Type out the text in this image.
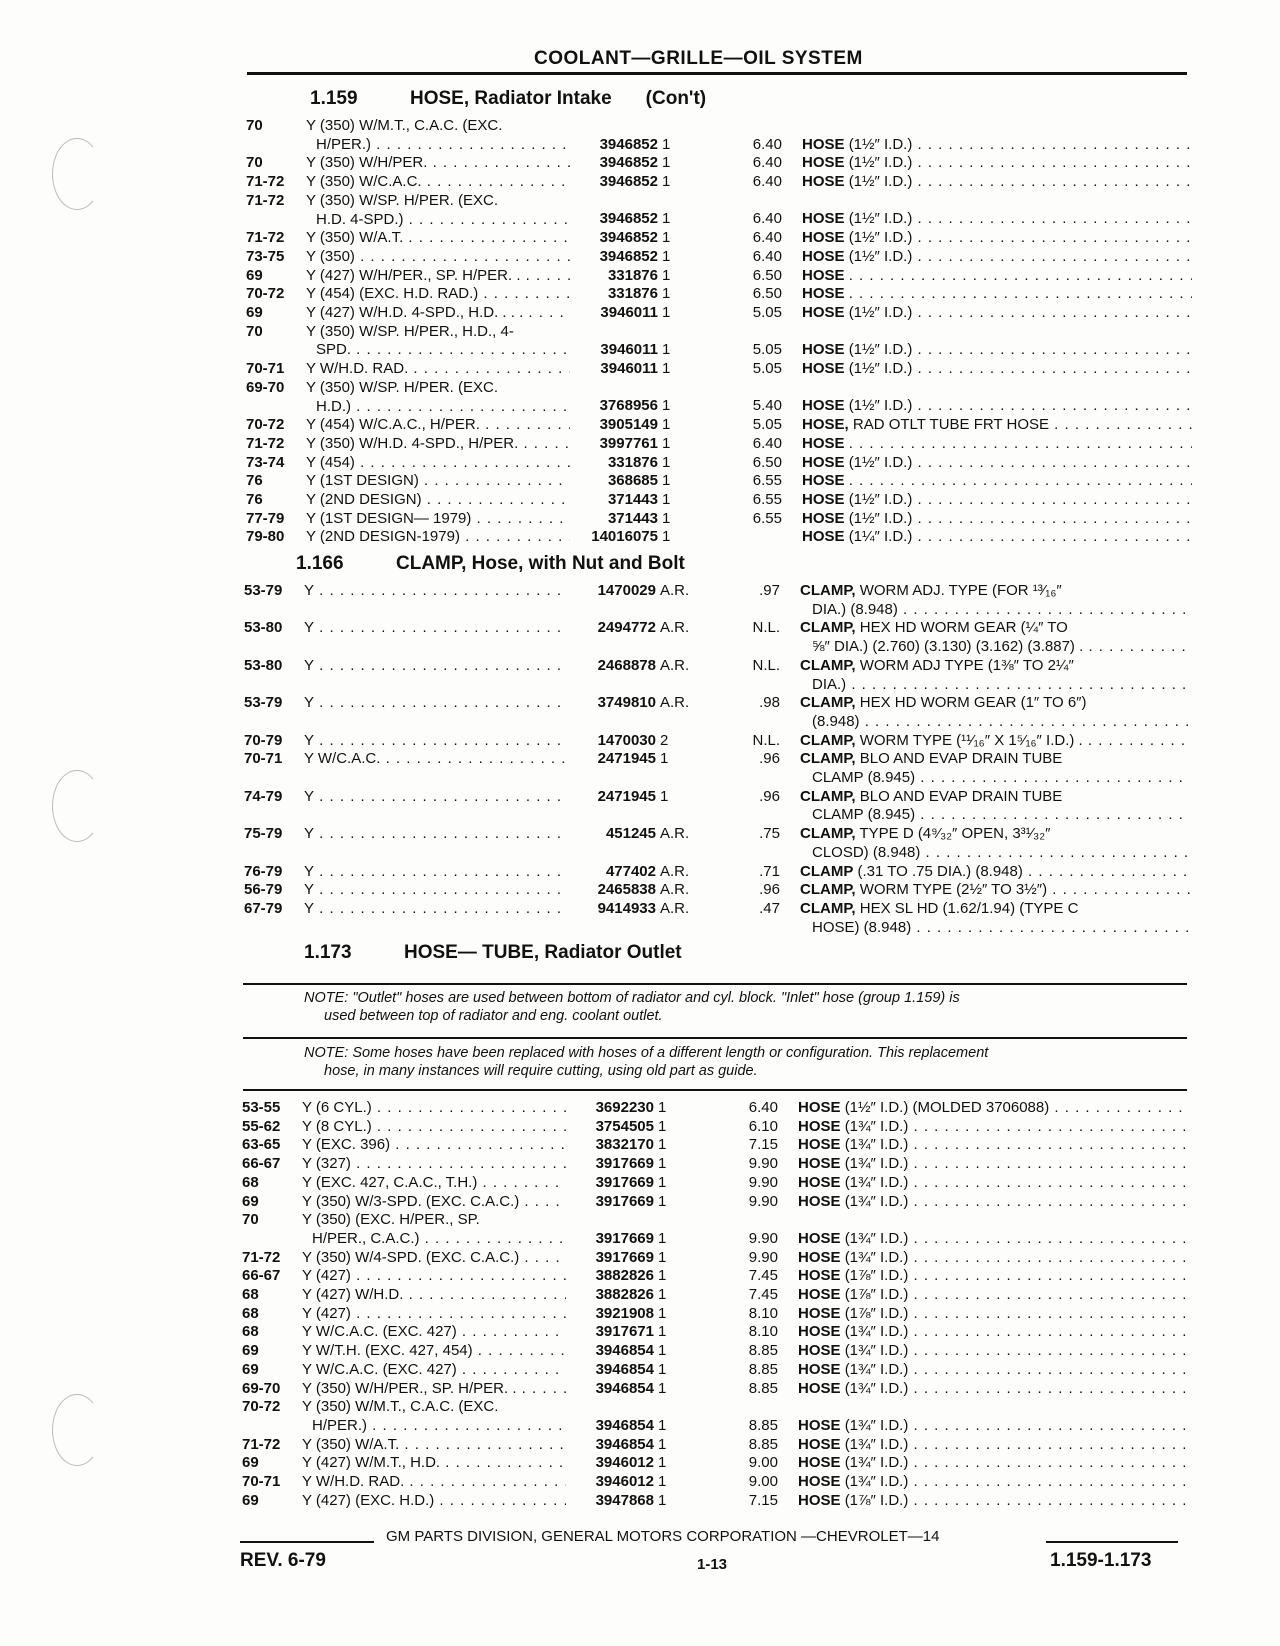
COOLANT—GRILLE—OIL SYSTEM
1.159	HOSE, Radiator Intake (Con't)
70	Y (350) W/M.T., C.A.C. (EXC.
H/PER.) . . .	3946852 1	6.40 HOSE (1½″ I.D.) . . .
70	Y (350) W/H/PER. . . .	3946852 1	6.40 HOSE (1½″ I.D.) . . .
71-72 Y (350) W/C.A.C. . . .	3946852 1	6.40 HOSE (1½″ I.D.) . . .
71-72 Y (350) W/SP. H/PER. (EXC.
H.D. 4-SPD.) . . .	3946852 1	6.40 HOSE (1½″ I.D.) . . .
71-72 Y (350) W/A.T. . . .	3946852 1	6.40 HOSE (1½″ I.D.) . . .
73-75 Y (350) . . .	3946852 1	6.40 HOSE (1½″ I.D.) . . .
69	Y (427) W/H/PER., SP. H/PER. . . . .	331876 1	6.50 HOSE . . .
70-72 Y (454) (EXC. H.D. RAD.) . . .	331876 1	6.50 HOSE . . .
69	Y (427) W/H.D. 4-SPD., H.D. . . . . . .	3946011 1	5.05 HOSE (1½″ I.D.) . . .
70	Y (350) W/SP. H/PER., H.D., 4-
SPD. . . .	3946011 1	5.05 HOSE (1½″ I.D.) . . .
70-71 Y W/H.D. RAD. . . .	3946011 1	5.05 HOSE (1½″ I.D.) . . .
69-70 Y (350) W/SP. H/PER. (EXC.
H.D.) . . .	3768956 1	5.40 HOSE (1½″ I.D.) . . .
70-72 Y (454) W/C.A.C., H/PER. . . .	3905149 1	5.05 HOSE, RAD OTLT TUBE FRT HOSE . . .
71-72 Y (350) W/H.D. 4-SPD., H/PER. . . .	3997761 1	6.40 HOSE . . .
73-74 Y (454) . . .	331876 1	6.50 HOSE (1½″ I.D.) . . .
76	Y (1ST DESIGN) . . .	368685 1	6.55 HOSE . . .
76	Y (2ND DESIGN) . . .	371443 1	6.55 HOSE (1½″ I.D.) . . .
77-79 Y (1ST DESIGN— 1979) . . .	371443 1	6.55 HOSE (1½″ I.D.) . . .
79-80 Y (2ND DESIGN-1979) . . .	14016075 1	HOSE (1¼″ I.D.) . . .
1.166	CLAMP, Hose, with Nut and Bolt
53-79 Y . . .	1470029 A.R.	.97 CLAMP, WORM ADJ. TYPE (FOR ¹³⁄₁₆″
DIA.) (8.948) . . .
53-80 Y . . .	2494772 A.R.	N.L. CLAMP, HEX HD WORM GEAR (¼″ TO
⅝″ DIA.) (2.760) (3.130) (3.162) (3.887) . . . .
53-80 Y . . .	2468878 A.R.	N.L. CLAMP, WORM ADJ TYPE (1⅜″ TO 2¼″
DIA.) . . .
53-79 Y . . .	3749810 A.R.	.98 CLAMP, HEX HD WORM GEAR (1″ TO 6″)
(8.948) . . .
70-79 Y . . .	1470030 2	N.L. CLAMP, WORM TYPE (¹¹⁄₁₆″ X 1⁵⁄₁₆″ I.D.) . . . .
70-71 Y W/C.A.C. . . .	2471945 1	.96 CLAMP, BLO AND EVAP DRAIN TUBE
CLAMP (8.945) . . .
74-79 Y . . .	2471945 1	.96 CLAMP, BLO AND EVAP DRAIN TUBE
CLAMP (8.945) . . .
75-79 Y . . .	451245 A.R.	.75 CLAMP, TYPE D (4⁹⁄₃₂″ OPEN, 3³¹⁄₃₂″
CLOSD) (8.948) . . .
76-79 Y . . .	477402 A.R.	.71 CLAMP (.31 TO .75 DIA.) (8.948) . . .
56-79 Y . . .	2465838 A.R.	.96 CLAMP, WORM TYPE (2½″ TO 3½″) . . .
67-79 Y . . .	9414933 A.R.	.47 CLAMP, HEX SL HD (1.62/1.94) (TYPE C
HOSE) (8.948) . . .
1.173	HOSE— TUBE, Radiator Outlet
NOTE: "Outlet" hoses are used between bottom of radiator and cyl. block. "Inlet" hose (group 1.159) is
used between top of radiator and eng. coolant outlet.
NOTE: Some hoses have been replaced with hoses of a different length or configuration. This replacement
hose, in many instances will require cutting, using old part as guide.
53-55 Y (6 CYL.) . . .	3692230 1	6.40 HOSE (1½″ I.D.) (MOLDED 3706088) . . .
55-62 Y (8 CYL.) . . .	3754505 1	6.10 HOSE (1¾″ I.D.) . . .
63-65 Y (EXC. 396) . . .	3832170 1	7.15 HOSE (1¾″ I.D.) . . .
66-67 Y (327) . . .	3917669 1	9.90 HOSE (1¾″ I.D.) . . .
68	Y (EXC. 427, C.A.C., T.H.) . . .	3917669 1	9.90 HOSE (1¾″ I.D.) . . .
69	Y (350) W/3-SPD. (EXC. C.A.C.) . . .	3917669 1	9.90 HOSE (1¾″ I.D.) . . .
70	Y (350) (EXC. H/PER., SP.
H/PER., C.A.C.) . . .	3917669 1	9.90 HOSE (1¾″ I.D.) . . .
71-72 Y (350) W/4-SPD. (EXC. C.A.C.) . . .	3917669 1	9.90 HOSE (1¾″ I.D.) . . .
66-67 Y (427) . . .	3882826 1	7.45 HOSE (1⅞″ I.D.) . . .
68	Y (427) W/H.D. . . .	3882826 1	7.45 HOSE (1⅞″ I.D.) . . .
68	Y (427) . . .	3921908 1	8.10 HOSE (1⅞″ I.D.) . . .
68	Y W/C.A.C. (EXC. 427) . . .	3917671 1	8.10 HOSE (1¾″ I.D.) . . .
69	Y W/T.H. (EXC. 427, 454) . . .	3946854 1	8.85 HOSE (1¾″ I.D.) . . .
69	Y W/C.A.C. (EXC. 427) . . .	3946854 1	8.85 HOSE (1¾″ I.D.) . . .
69-70 Y (350) W/H/PER., SP. H/PER. . . . .	3946854 1	8.85 HOSE (1¾″ I.D.) . . .
70-72 Y (350) W/M.T., C.A.C. (EXC.
H/PER.) . . .	3946854 1	8.85 HOSE (1¾″ I.D.) . . .
71-72 Y (350) W/A.T. . . .	3946854 1	8.85 HOSE (1¾″ I.D.) . . .
69	Y (427) W/M.T., H.D. . . .	3946012 1	9.00 HOSE (1¾″ I.D.) . . .
70-71 Y W/H.D. RAD. . . .	3946012 1	9.00 HOSE (1¾″ I.D.) . . .
69	Y (427) (EXC. H.D.) . . .	3947868 1	7.15 HOSE (1⅞″ I.D.) . . .
GM PARTS DIVISION, GENERAL MOTORS CORPORATION —CHEVROLET—14
REV. 6-79	1-13	1.159-1.173
